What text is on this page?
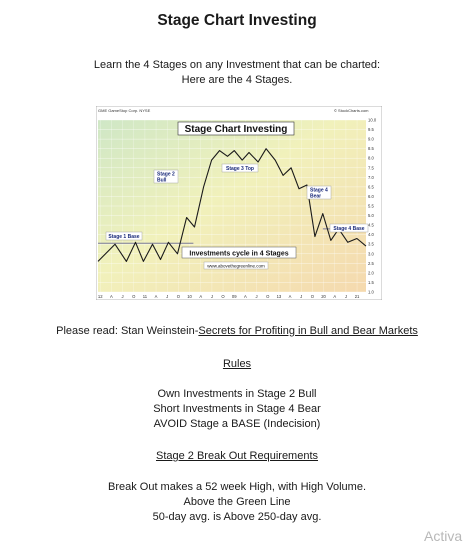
Stage Chart Investing
Learn the 4 Stages on any Investment that can be charted:
Here are the 4 Stages.
GME GameStop Corp. NYSE	© StockCharts.com
1.0
1.5
2.0
2.5
3.0
3.5
4.0
4.5
5.0
5.5
6.0
6.5
7.0
7.5
8.0
8.5
9.0
9.5
10.0
12 A J O 11 A J O 10 A J O 09 A J O 13 A J O 20 A J 21
Stage Chart Investing
Stage 1 Base
Stage 2
Bull
Stage 3 Top
Stage 4
Bear
Stage 4 Base
Investments cycle in 4 Stages
www.abovethegreenline.com
Please read: Stan Weinstein-Secrets for Profiting in Bull and Bear Markets
Rules
Own Investments in Stage 2 Bull
Short Investments in Stage 4 Bear
AVOID Stage a BASE (Indecision)
Stage 2 Break Out Requirements
Break Out makes a 52 week High, with High Volume.
Above the Green Line
50-day avg. is Above 250-day avg.
Activa
